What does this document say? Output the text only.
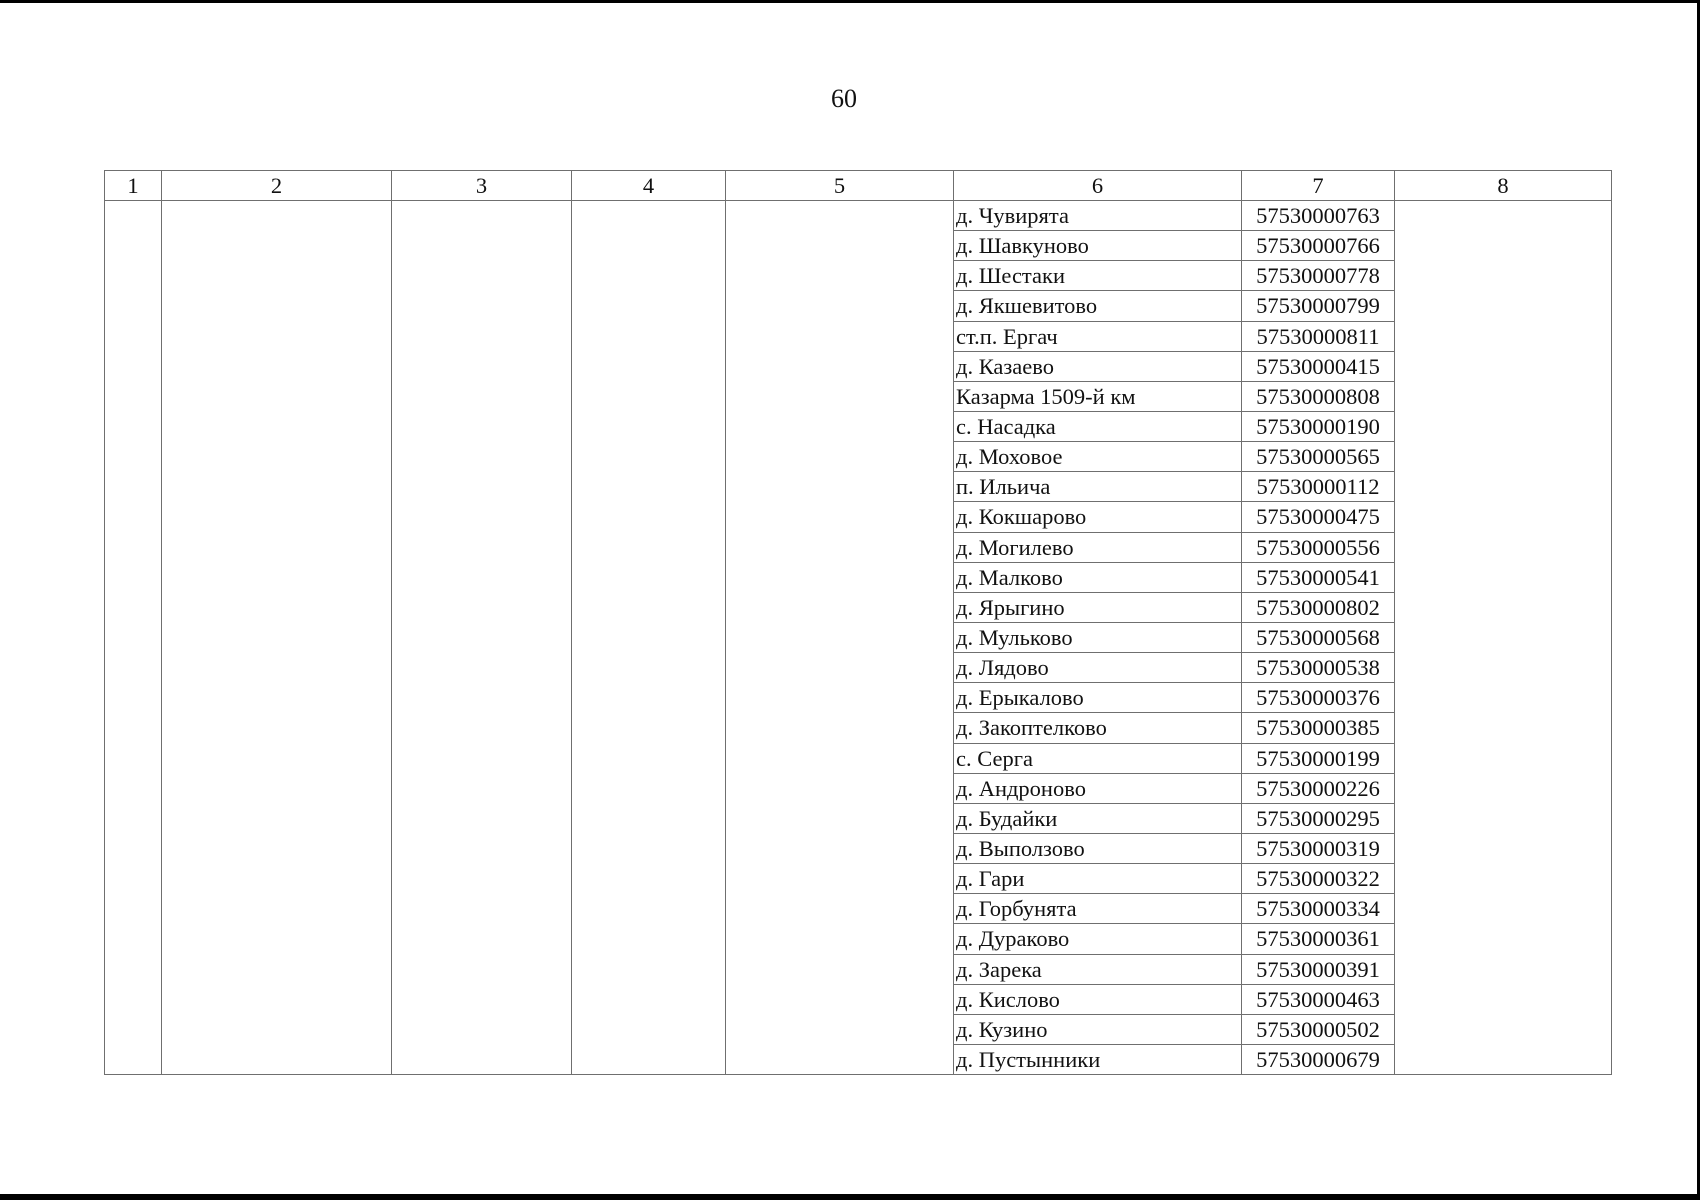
60
1	2	3	4	5	6	7	8
					д. Чувирята	57530000763	
					д. Шавкуново	57530000766	
					д. Шестаки	57530000778	
					д. Якшевитово	57530000799	
					ст.п. Ергач	57530000811	
					д. Казаево	57530000415	
					Казарма 1509-й км	57530000808	
					с. Насадка	57530000190	
					д. Моховое	57530000565	
					п. Ильича	57530000112	
					д. Кокшарово	57530000475	
					д. Могилево	57530000556	
					д. Малково	57530000541	
					д. Ярыгино	57530000802	
					д. Мульково	57530000568	
					д. Лядово	57530000538	
					д. Ерыкалово	57530000376	
					д. Закоптелково	57530000385	
					с. Серга	57530000199	
					д. Андроново	57530000226	
					д. Будайки	57530000295	
					д. Выползово	57530000319	
					д. Гари	57530000322	
					д. Горбунята	57530000334	
					д. Дураково	57530000361	
					д. Зарека	57530000391	
					д. Кислово	57530000463	
					д. Кузино	57530000502	
					д. Пустынники	57530000679	
